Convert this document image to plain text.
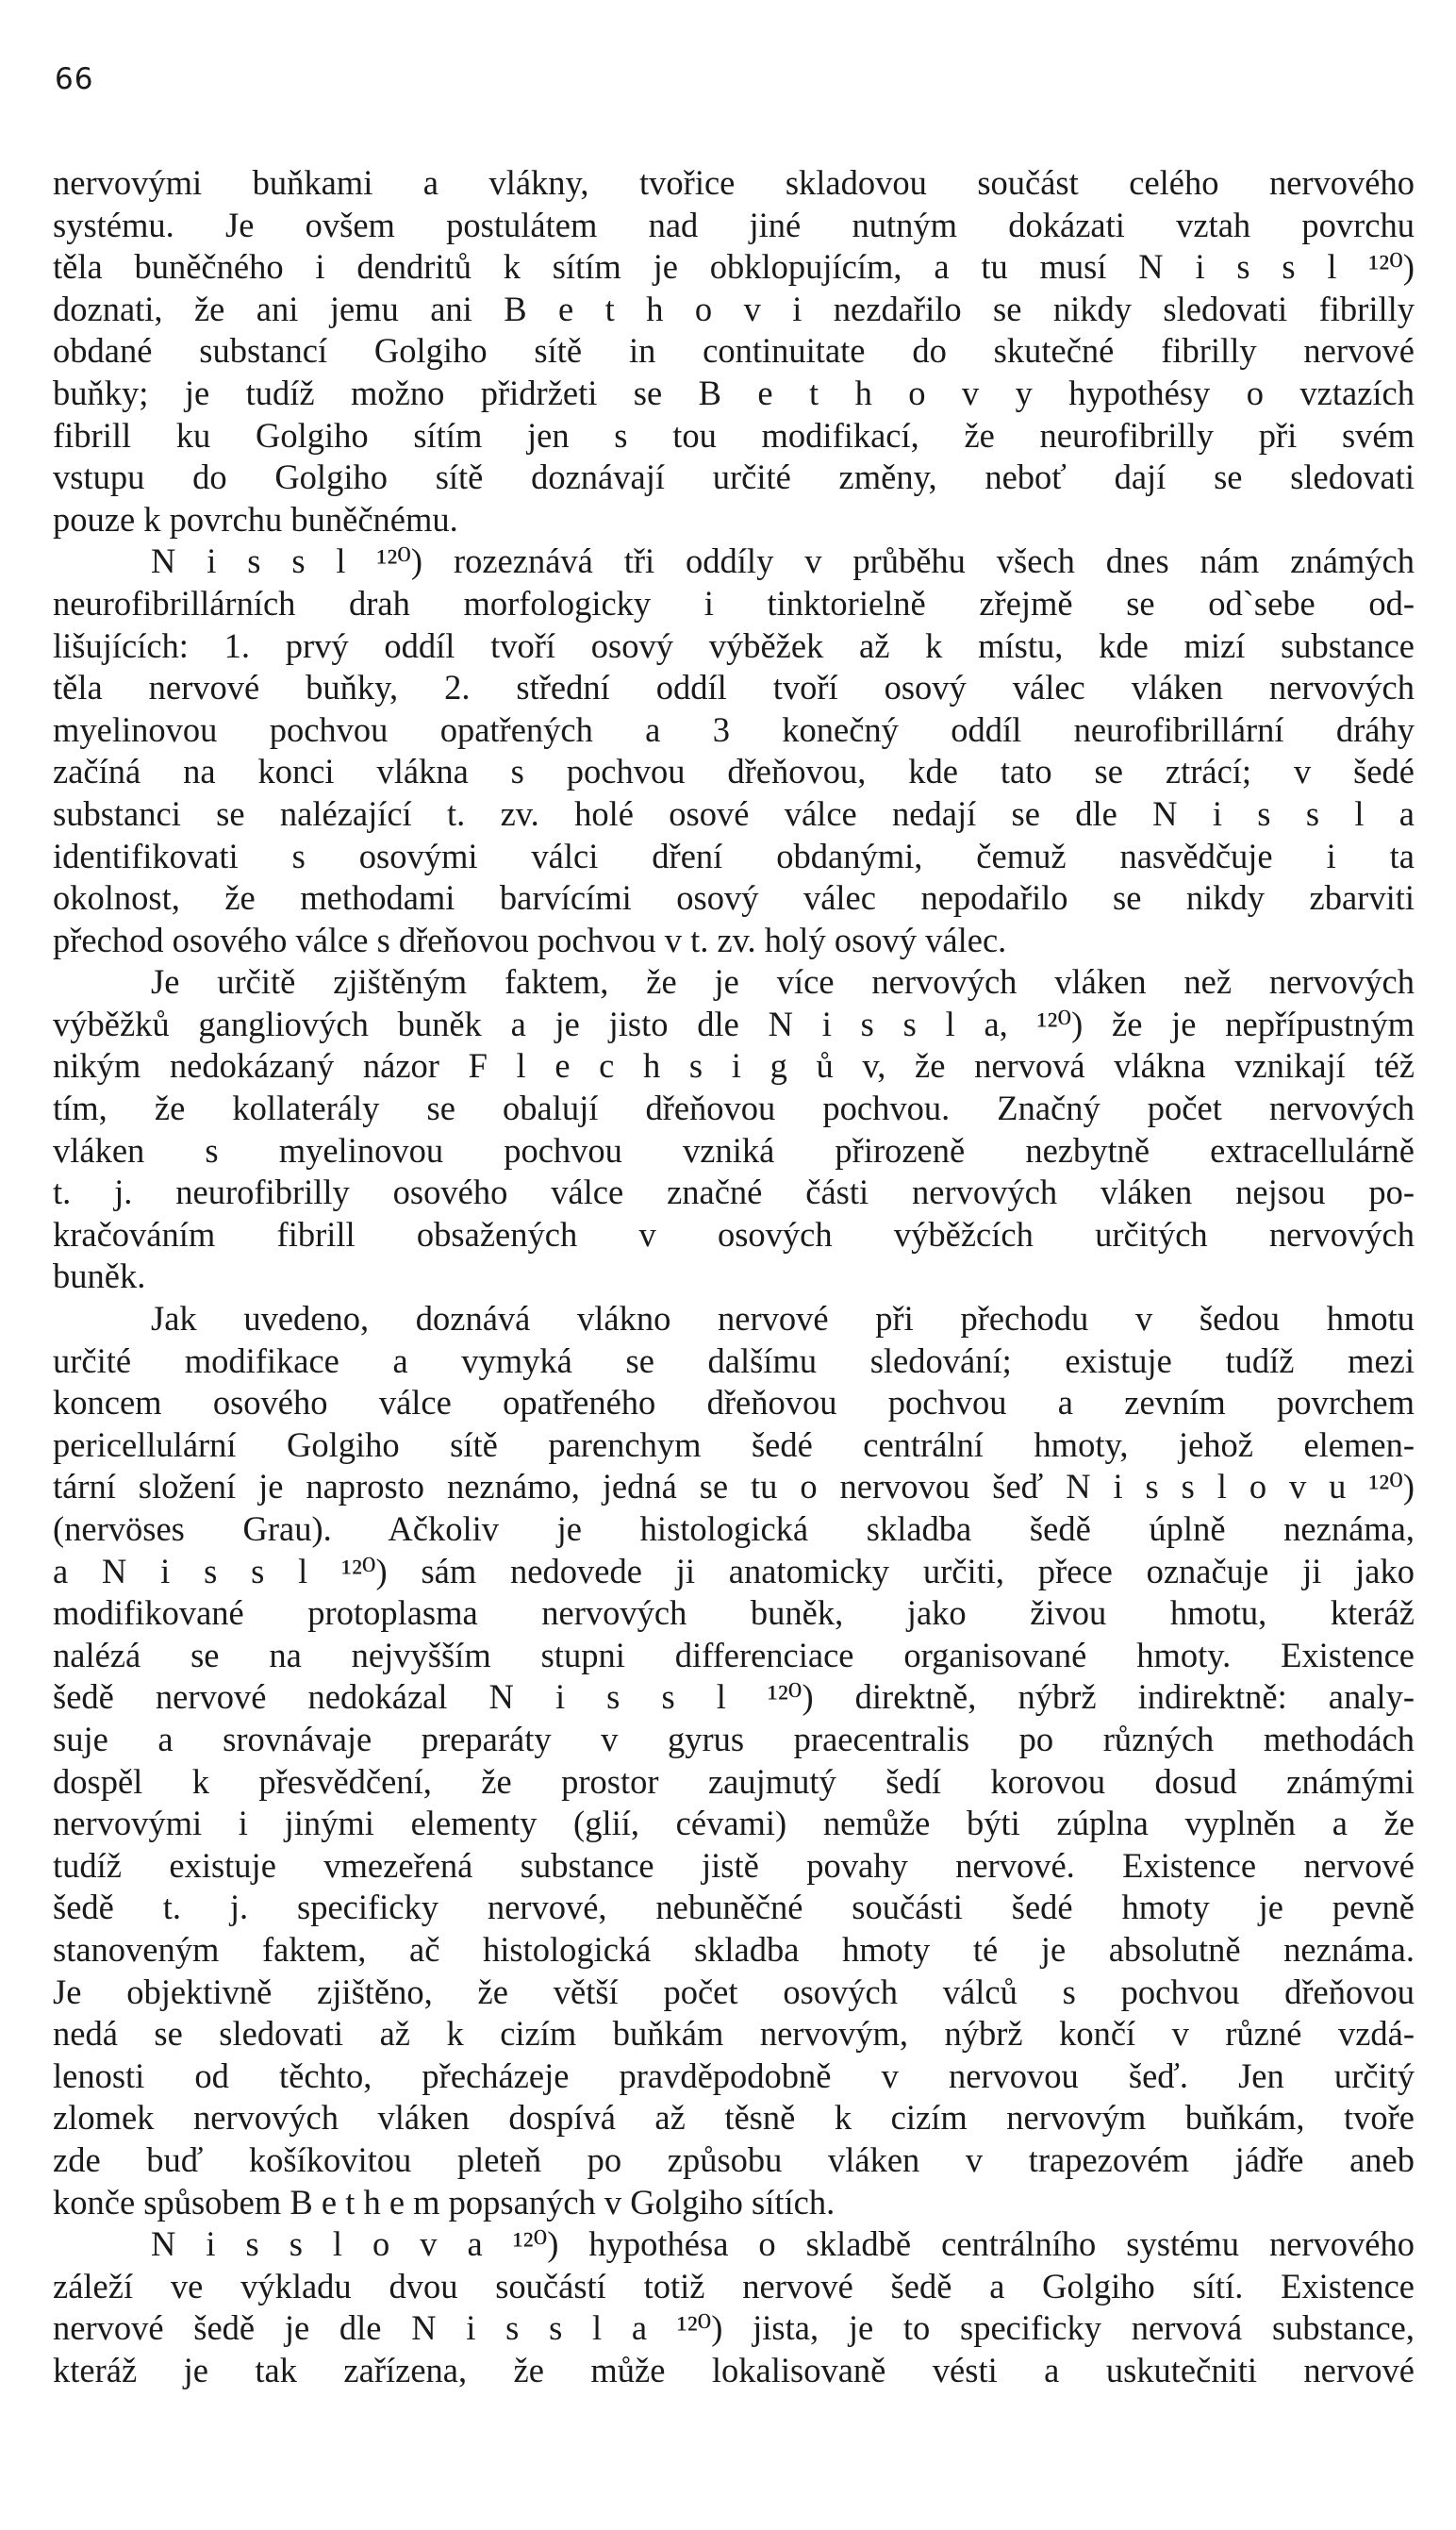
66
nervovými buňkami a vlákny, tvořice skladovou součást celého nervového
systému. Je ovšem postulátem nad jiné nutným dokázati vztah povrchu
těla buněčného i dendritů k sítím je obklopujícím, a tu musí N i s s l ¹²⁰)
doznati, že ani jemu ani B e t h o v i nezdařilo se nikdy sledovati fibrilly
obdané substancí Golgiho sítě in continuitate do skutečné fibrilly nervové
buňky; je tudíž možno přidržeti se B e t h o v y hypothésy o vztazích
fibrill ku Golgiho sítím jen s tou modifikací, že neurofibrilly při svém
vstupu do Golgiho sítě doznávají určité změny, neboť dají se sledovati
pouze k povrchu buněčnému.
N i s s l ¹²⁰) rozeznává tři oddíly v průběhu všech dnes nám známých
neurofibrillárních drah morfologicky i tinktorielně zřejmě se od`sebe od-
lišujících: 1. prvý oddíl tvoří osový výběžek až k místu, kde mizí substance
těla nervové buňky, 2. střední oddíl tvoří osový válec vláken nervových
myelinovou pochvou opatřených a 3 konečný oddíl neurofibrillární dráhy
začíná na konci vlákna s pochvou dřeňovou, kde tato se ztrácí; v šedé
substanci se nalézající t. zv. holé osové válce nedají se dle N i s s l a
identifikovati s osovými válci dření obdanými, čemuž nasvědčuje i ta
okolnost, že methodami barvícími osový válec nepodařilo se nikdy zbarviti
přechod osového válce s dřeňovou pochvou v t. zv. holý osový válec.
Je určitě zjištěným faktem, že je více nervových vláken než nervových
výběžků gangliových buněk a je jisto dle N i s s l a, ¹²⁰) že je nepřípustným
nikým nedokázaný názor F l e c h s i g ů v, že nervová vlákna vznikají též
tím, že kollaterály se obalují dřeňovou pochvou. Značný počet nervových
vláken s myelinovou pochvou vzniká přirozeně nezbytně extracellulárně
t. j. neurofibrilly osového válce značné části nervových vláken nejsou po-
kračováním fibrill obsažených v osových výběžcích určitých nervových
buněk.
Jak uvedeno, doznává vlákno nervové při přechodu v šedou hmotu
určité modifikace a vymyká se dalšímu sledování; existuje tudíž mezi
koncem osového válce opatřeného dřeňovou pochvou a zevním povrchem
pericellulární Golgiho sítě parenchym šedé centrální hmoty, jehož elemen-
tární složení je naprosto neznámo, jedná se tu o nervovou šeď N i s s l o v u ¹²⁰)
(nervöses Grau). Ačkoliv je histologická skladba šedě úplně neznáma,
a N i s s l ¹²⁰) sám nedovede ji anatomicky určiti, přece označuje ji jako
modifikované protoplasma nervových buněk, jako živou hmotu, kteráž
nalézá se na nejvyšším stupni differenciace organisované hmoty. Existence
šedě nervové nedokázal N i s s l ¹²⁰) direktně, nýbrž indirektně: analy-
suje a srovnávaje preparáty v gyrus praecentralis po různých methodách
dospěl k přesvědčení, že prostor zaujmutý šedí korovou dosud známými
nervovými i jinými elementy (glií, cévami) nemůže býti zúplna vyplněn a že
tudíž existuje vmezeřená substance jistě povahy nervové. Existence nervové
šedě t. j. specificky nervové, nebuněčné součásti šedé hmoty je pevně
stanoveným faktem, ač histologická skladba hmoty té je absolutně neznáma.
Je objektivně zjištěno, že větší počet osových válců s pochvou dřeňovou
nedá se sledovati až k cizím buňkám nervovým, nýbrž končí v různé vzdá-
lenosti od těchto, přecházeje pravděpodobně v nervovou šeď. Jen určitý
zlomek nervových vláken dospívá až těsně k cizím nervovým buňkám, tvoře
zde buď košíkovitou pleteň po způsobu vláken v trapezovém jádře aneb
konče spůsobem B e t h e m popsaných v Golgiho sítích.
N i s s l o v a ¹²⁰) hypothésa o skladbě centrálního systému nervového
záleží ve výkladu dvou součástí totiž nervové šedě a Golgiho sítí. Existence
nervové šedě je dle N i s s l a ¹²⁰) jista, je to specificky nervová substance,
kteráž je tak zařízena, že může lokalisovaně vésti a uskutečniti nervové
